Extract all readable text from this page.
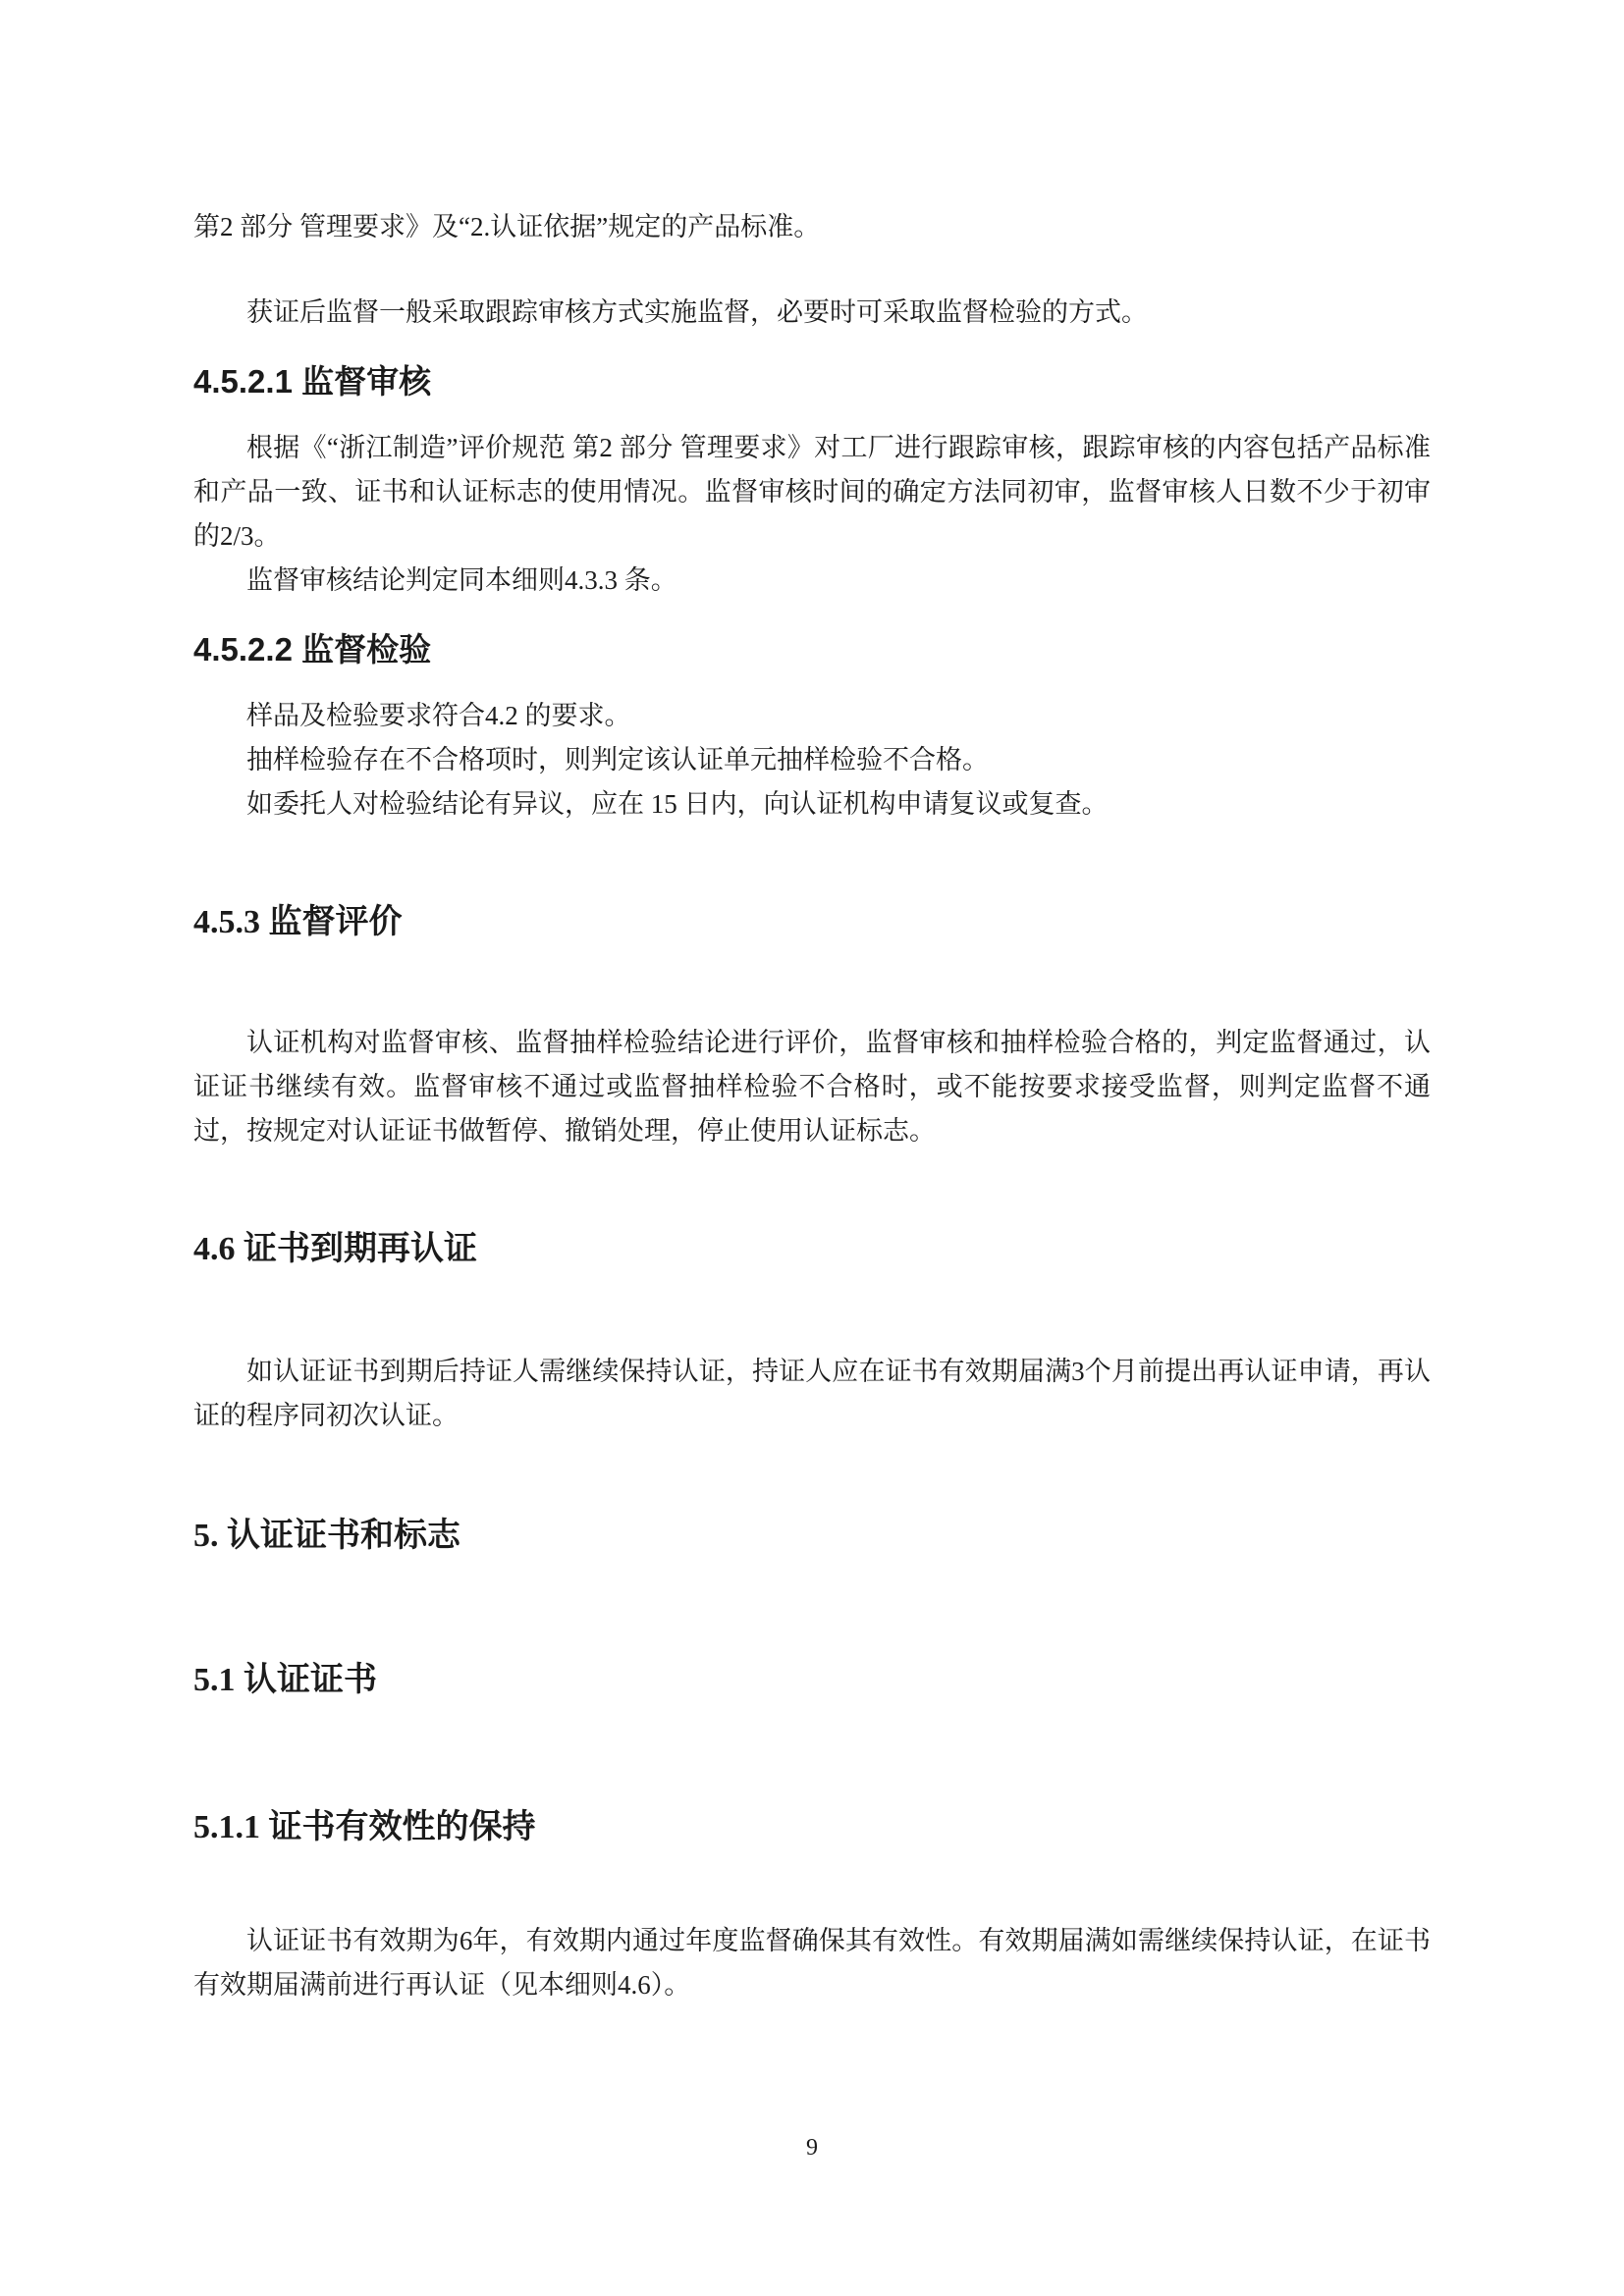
第2 部分 管理要求》及“2.认证依据”规定的产品标准。

获证后监督一般采取跟踪审核方式实施监督，必要时可采取监督检验的方式。

4.5.2.1 监督审核

根据《“浙江制造”评价规范 第2 部分 管理要求》对工厂进行跟踪审核，跟踪审核的内容包括产品标准和产品一致、证书和认证标志的使用情况。监督审核时间的确定方法同初审，监督审核人日数不少于初审的2/3。

监督审核结论判定同本细则4.3.3 条。

4.5.2.2 监督检验

样品及检验要求符合4.2 的要求。

抽样检验存在不合格项时，则判定该认证单元抽样检验不合格。

如委托人对检验结论有异议，应在 15 日内，向认证机构申请复议或复查。

4.5.3 监督评价

认证机构对监督审核、监督抽样检验结论进行评价，监督审核和抽样检验合格的，判定监督通过，认证证书继续有效。监督审核不通过或监督抽样检验不合格时，或不能按要求接受监督，则判定监督不通过，按规定对认证证书做暂停、撤销处理，停止使用认证标志。

4.6 证书到期再认证

如认证证书到期后持证人需继续保持认证，持证人应在证书有效期届满3个月前提出再认证申请，再认证的程序同初次认证。

5. 认证证书和标志
5.1 认证证书
5.1.1 证书有效性的保持

认证证书有效期为6年，有效期内通过年度监督确保其有效性。有效期届满如需继续保持认证，在证书有效期届满前进行再认证（见本细则4.6）。

9
